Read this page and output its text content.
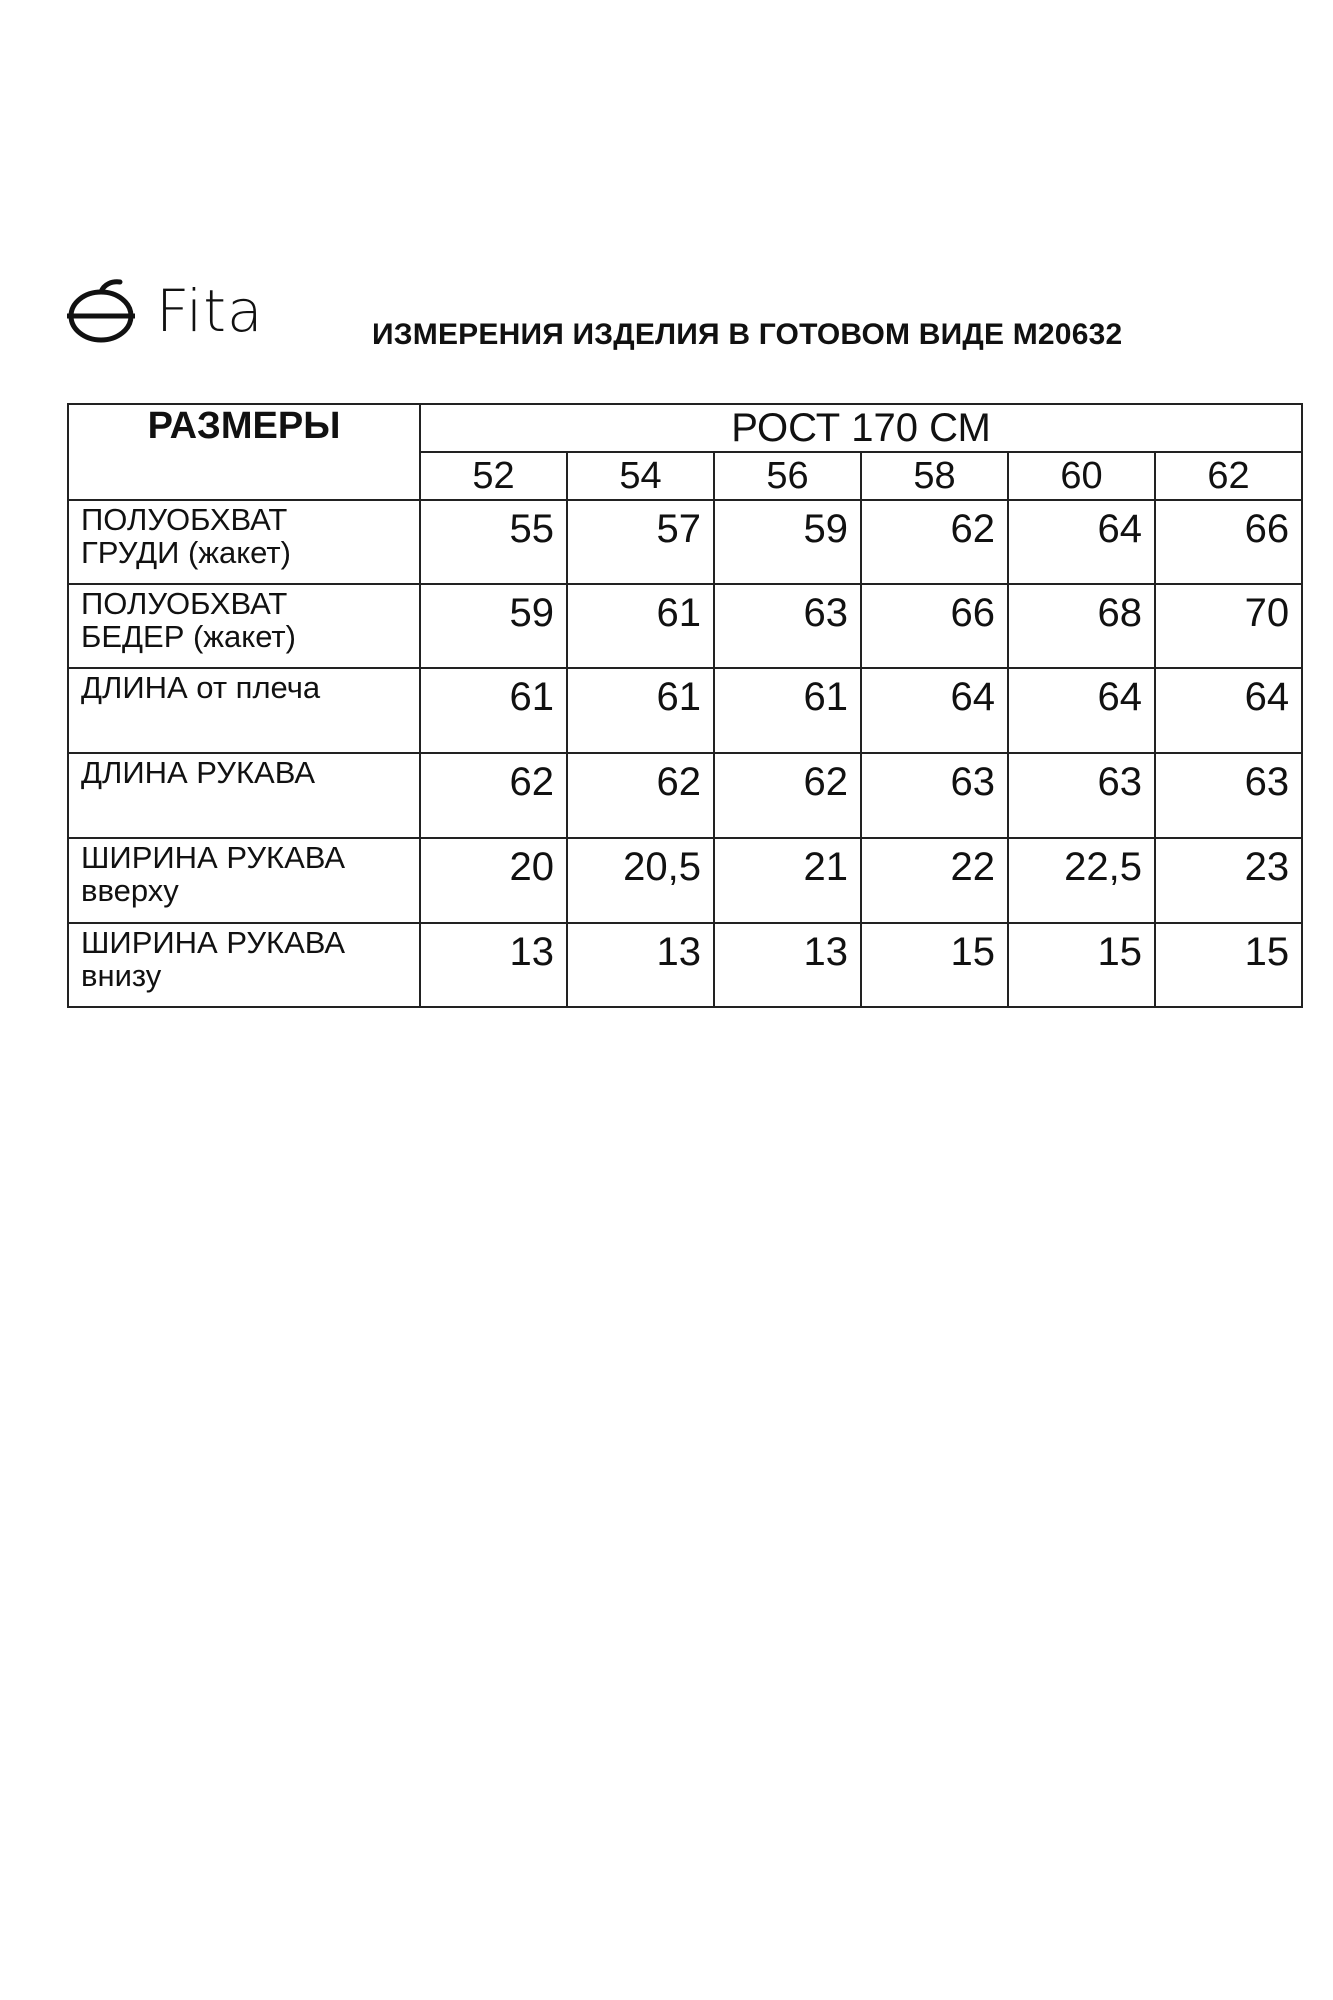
Fita	ИЗМЕРЕНИЯ ИЗДЕЛИЯ В ГОТОВОМ ВИДЕ М20632
РАЗМЕРЫ	РОСТ 170 СМ					
	52	54	56	58	60	62

ПОЛУОБХВАТ
ГРУДИ (жакет)	55	57	59	62	64	66

ПОЛУОБХВАТ
БЕДЕР (жакет)	59	61	63	66	68	70

ДЛИНА от плеча	61	61	61	64	64	64

ДЛИНА РУКАВА	62	62	62	63	63	63

ШИРИНА РУКАВА
вверху	20	20,5	21	22	22,5	23

ШИРИНА РУКАВА
внизу	13	13	13	15	15	15
